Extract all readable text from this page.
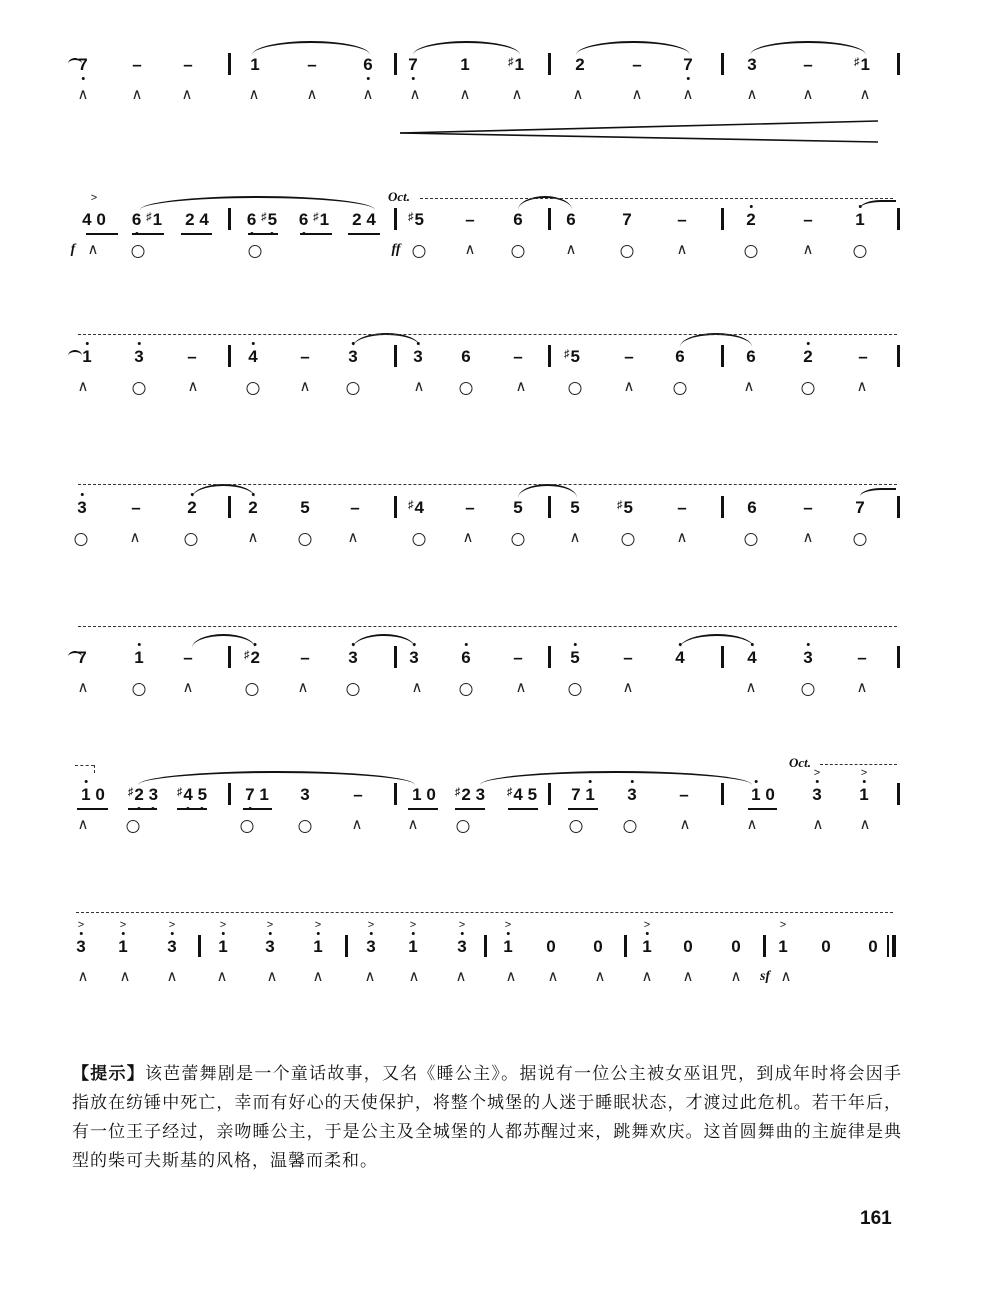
7	– –	1	–	6 7	1	♯1	2	– 7	3	–	♯1
∧	∧	∧	∧	∧	∧ ∧	∧	∧	∧	∧	∧	∧	∧	∧
4 0
>
6 ♯1 2 4 6 ♯5 6 ♯1 2 4	♯5 – 6	6	7	–	2	–	1
∧	∧	∧	∧	∧
f	ff
Oct.
1	3	–	4	– 3	3 6	–	♯5	– 6	6	2	–
∧	∧	∧	∧	∧	∧	∧	∧
3	–	2	2	5 –	♯4 – 5	5	♯5	–	6	–	7
∧	∧	∧	∧	∧	∧	∧
7	1 –	♯2 – 3	3	6	–	5	–	4	4	3	–
∧	∧	∧	∧	∧	∧	∧	∧
1 0 ♯2 3 ♯4 5 7 1 3	–	1 0 ♯2 3 ♯4 5 7 1 3	–	1 0 3
>
1
>
∧	∧	∧	∧	∧	∧ ∧
Oct.
3
>
1
>
3
>
1
>
3
>
1
>
3
>
1
>
3
>
1
>
0 0 1
>
0 0 1
>
0 0
∧ ∧ ∧	∧	∧ ∧	∧ ∧ ∧	∧ ∧ ∧ ∧ ∧ ∧	∧
sf
【提示】该芭蕾舞剧是一个童话故事，又名《睡公主》。据说有一位公主被女巫诅咒，到成年时将会因手指放在纺锤中死亡，幸而有好心的天使保护，将整个城堡的人迷于睡眠状态，才渡过此危机。若干年后，有一位王子经过，亲吻睡公主，于是公主及全城堡的人都苏醒过来，跳舞欢庆。这首圆舞曲的主旋律是典型的柴可夫斯基的风格，温馨而柔和。
161
